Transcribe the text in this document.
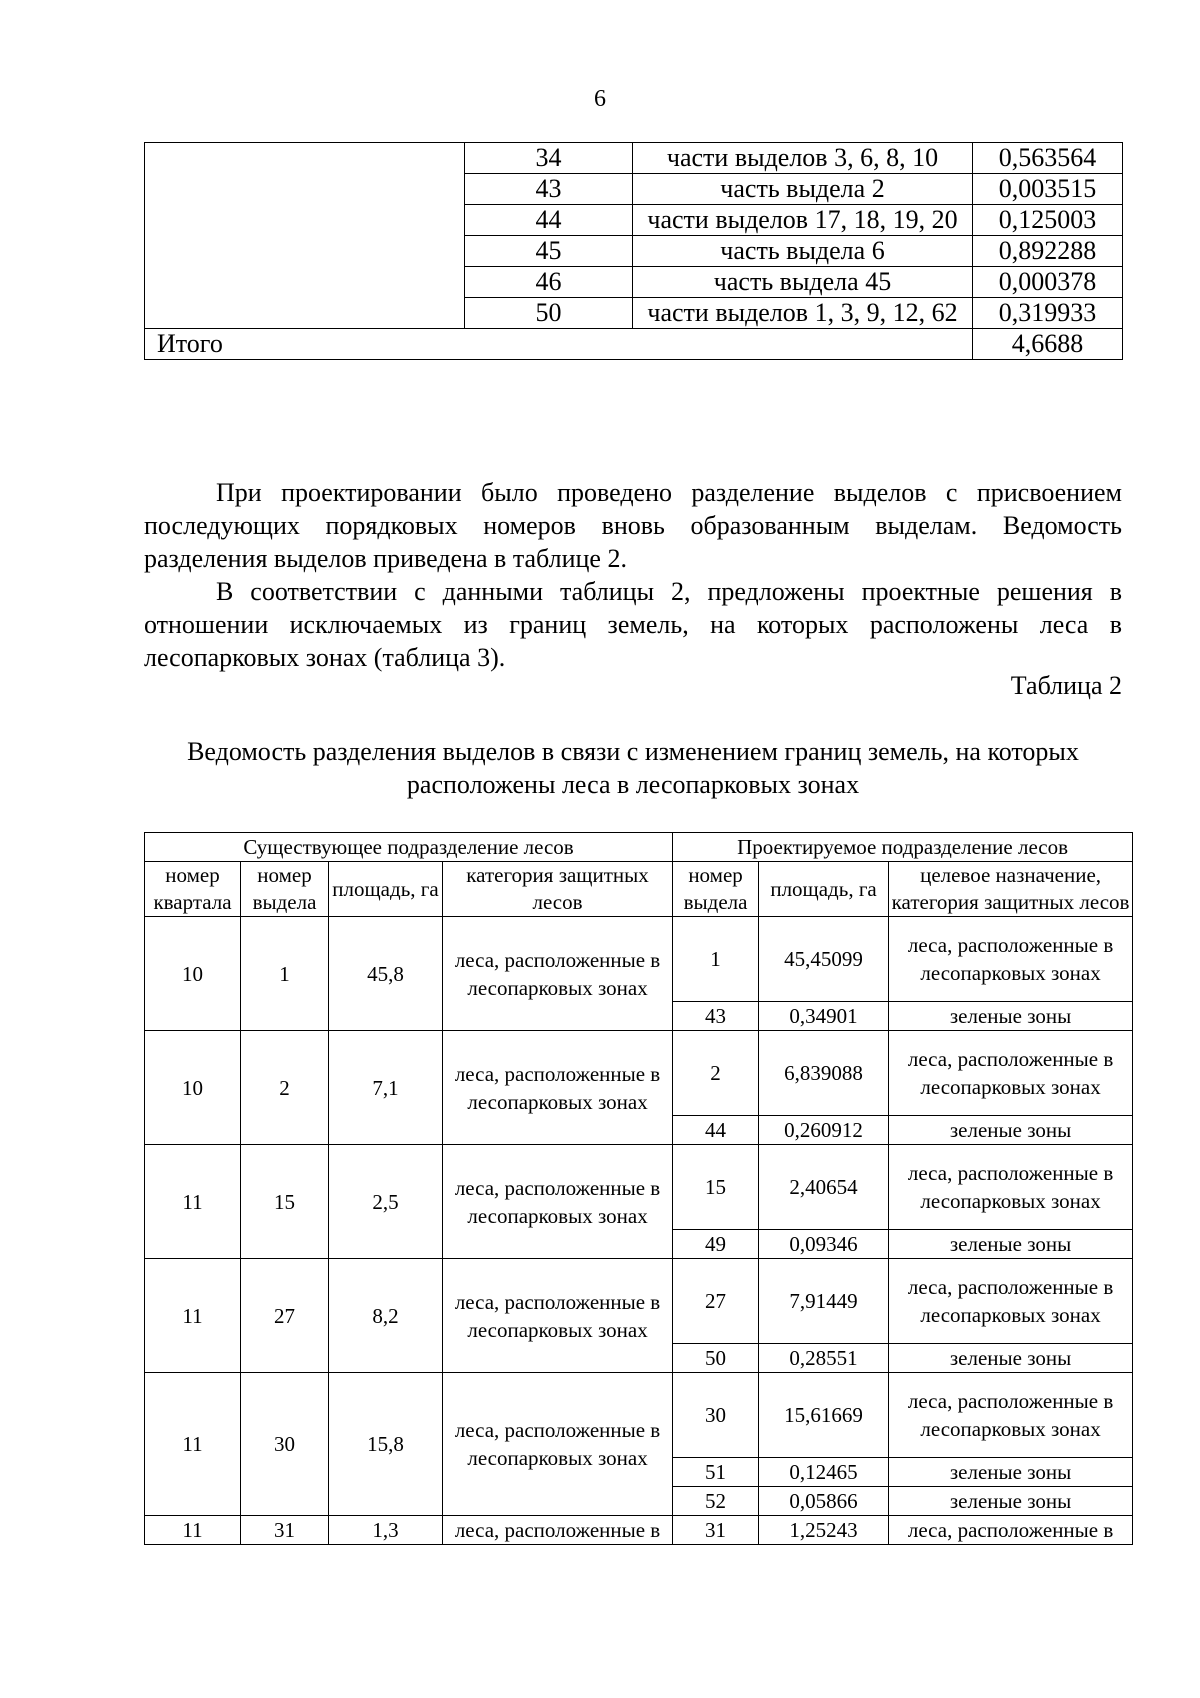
6
	34	части выделов 3, 6, 8, 10	0,563564
	43	часть выдела 2	0,003515
	44	части выделов 17, 18, 19, 20	0,125003
	45	часть выдела 6	0,892288
	46	часть выдела 45	0,000378
	50	части выделов 1, 3, 9, 12, 62	0,319933
Итого			4,6688

При проектировании было проведено разделение выделов с присвоением последующих порядковых номеров вновь образованным выделам. Ведомость разделения выделов приведена в таблице 2.

В соответствии с данными таблицы 2, предложены проектные решения в отношении исключаемых из границ земель, на которых расположены леса в лесопарковых зонах (таблица 3).

Таблица 2
Ведомость разделения выделов в связи с изменением границ земель, на которых расположены леса в лесопарковых зонах
Существующее подразделение лесов				Проектируемое подразделение лесов		
номер квартала	номер выдела	площадь, га	категория защитных лесов	номер выдела	площадь, га	целевое назначение, категория защитных лесов
10	1	45,8	леса, расположенные в лесопарковых зонах	1	45,45099	леса, расположенные в лесопарковых зонах
				43	0,34901	зеленые зоны
10	2	7,1	леса, расположенные в лесопарковых зонах	2	6,839088	леса, расположенные в лесопарковых зонах
				44	0,260912	зеленые зоны
11	15	2,5	леса, расположенные в лесопарковых зонах	15	2,40654	леса, расположенные в лесопарковых зонах
				49	0,09346	зеленые зоны
11	27	8,2	леса, расположенные в лесопарковых зонах	27	7,91449	леса, расположенные в лесопарковых зонах
				50	0,28551	зеленые зоны
11	30	15,8	леса, расположенные в лесопарковых зонах	30	15,61669	леса, расположенные в лесопарковых зонах
				51	0,12465	зеленые зоны
				52	0,05866	зеленые зоны
11	31	1,3	леса, расположенные в	31	1,25243	леса, расположенные в
